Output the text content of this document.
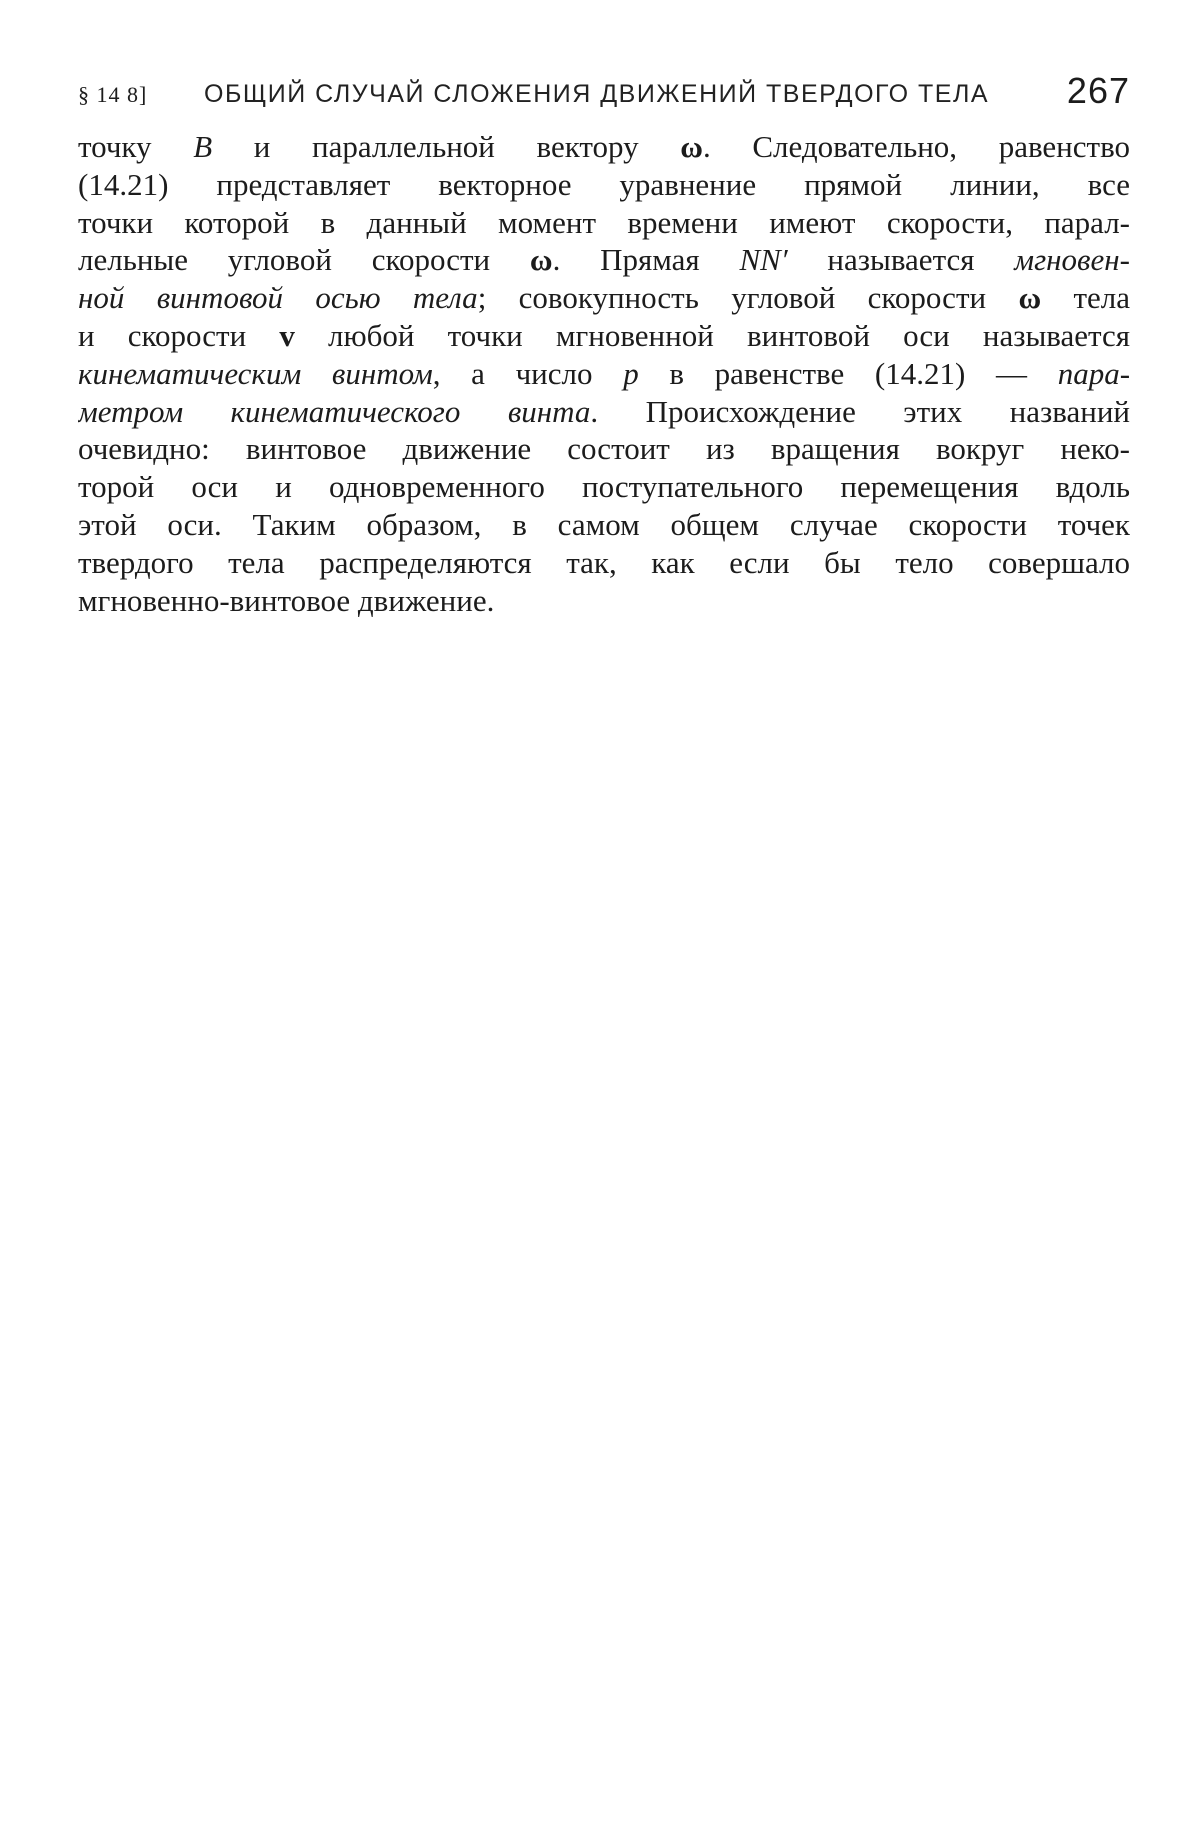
§ 14 8] ОБЩИЙ СЛУЧАЙ СЛОЖЕНИЯ ДВИЖЕНИЙ ТВЕРДОГО ТЕЛА 267
точку B и параллельной вектору ω. Следовательно, равенство
(14.21) представляет векторное уравнение прямой линии, все
точки которой в данный момент времени имеют скорости, парал-
лельные угловой скорости ω. Прямая NN′ называется мгновен-
ной винтовой осью тела; совокупность угловой скорости ω тела
и скорости v любой точки мгновенной винтовой оси называется
кинематическим винтом, а число p в равенстве (14.21) — пара-
метром кинематического винта. Происхождение этих названий
очевидно: винтовое движение состоит из вращения вокруг неко-
торой оси и одновременного поступательного перемещения вдоль
этой оси. Таким образом, в самом общем случае скорости точек
твердого тела распределяются так, как если бы тело совершало
мгновенно-винтовое движение.
